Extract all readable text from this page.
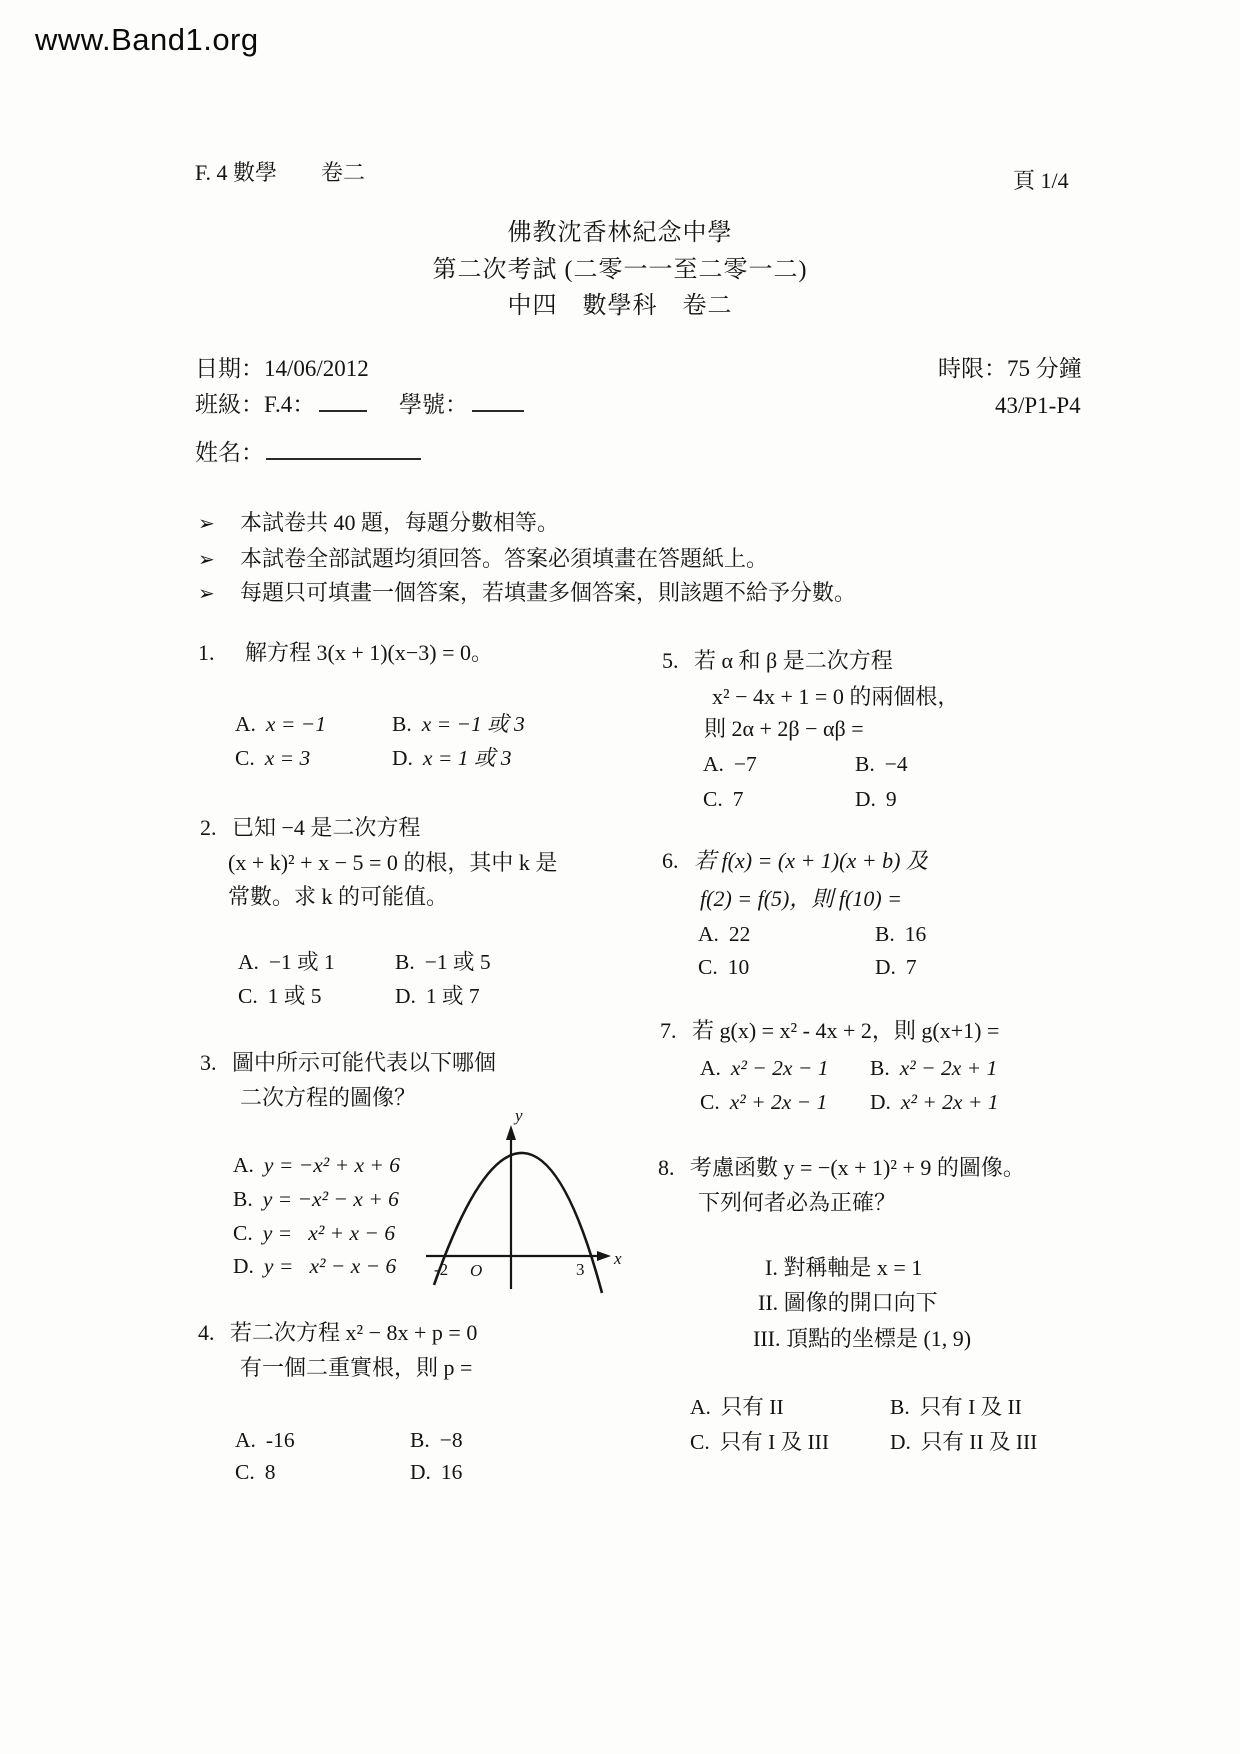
www.Band1.org
F. 4 數學　　卷二	頁 1/4
佛教沈香林紀念中學
第二次考試 (二零一一至二零一二)
中四　數學科　卷二
日期：14/06/2012
班級：F.4：	學號：
姓名：
時限：75 分鐘
43/P1-P4
➢ 本試卷共 40 題，每題分數相等。
➢ 本試卷全部試題均須回答。答案必須填畫在答題紙上。
➢ 每題只可填畫一個答案，若填畫多個答案，則該題不給予分數。
1. 解方程 3(x + 1)(x−3) = 0。
A. x = −1	B. x = −1 或 3
C. x = 3	D. x = 1 或 3
2. 已知 −4 是二次方程
(x + k)² + x − 5 = 0 的根，其中 k 是
常數。求 k 的可能值。
A. −1 或 1	B. −1 或 5
C. 1 或 5	D. 1 或 7
3. 圖中所示可能代表以下哪個
二次方程的圖像？
A. y = −x² + x + 6
B. y = −x² − x + 6
C. y =   x² + x − 6
D. y =   x² − x − 6
y
x
O
-2	3
4. 若二次方程 x² − 8x + p = 0
有一個二重實根，則 p =
A. -16	B. −8
C. 8	D. 16
5. 若 α 和 β 是二次方程
x² − 4x + 1 = 0 的兩個根，
則 2α + 2β − αβ =
A. −7	B. −4
C. 7	D. 9
6. 若 f(x) = (x + 1)(x + b) 及
f(2) = f(5)，則 f(10) =
A. 22	B. 16
C. 10	D. 7
7. 若 g(x) = x² - 4x + 2，則 g(x+1) =
A. x² − 2x − 1 B. x² − 2x + 1
C. x² + 2x − 1 D. x² + 2x + 1
8. 考慮函數 y = −(x + 1)² + 9 的圖像。
下列何者必為正確？
I. 對稱軸是 x = 1
II. 圖像的開口向下
III. 頂點的坐標是 (1, 9)
A. 只有 II	B. 只有 I 及 II
C. 只有 I 及 III	D. 只有 II 及 III
